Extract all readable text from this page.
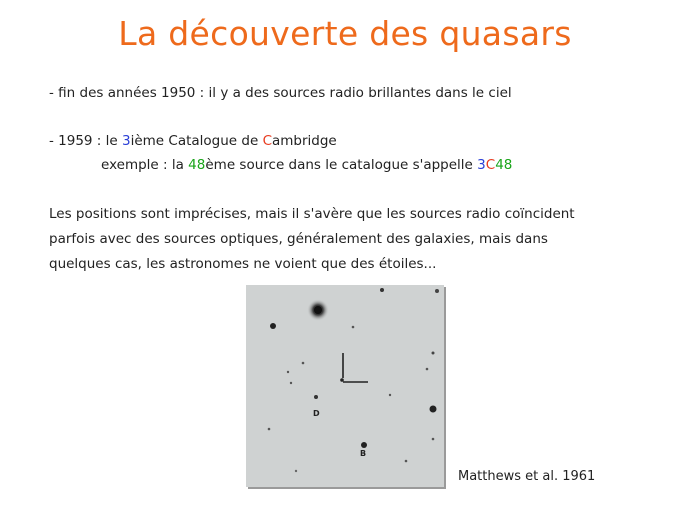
La découverte des quasars
- fin des années 1950 : il y a des sources radio brillantes dans le ciel
- 1959 : le 3ième Catalogue de Cambridge
exemple : la 48ème source dans le catalogue s'appelle 3C48
Les positions sont imprécises, mais il s'avère que les sources radio coïncident
parfois avec des sources optiques, généralement des galaxies, mais dans
quelques cas, les astronomes ne voient que des étoiles...
D
B
Matthews et al. 1961
